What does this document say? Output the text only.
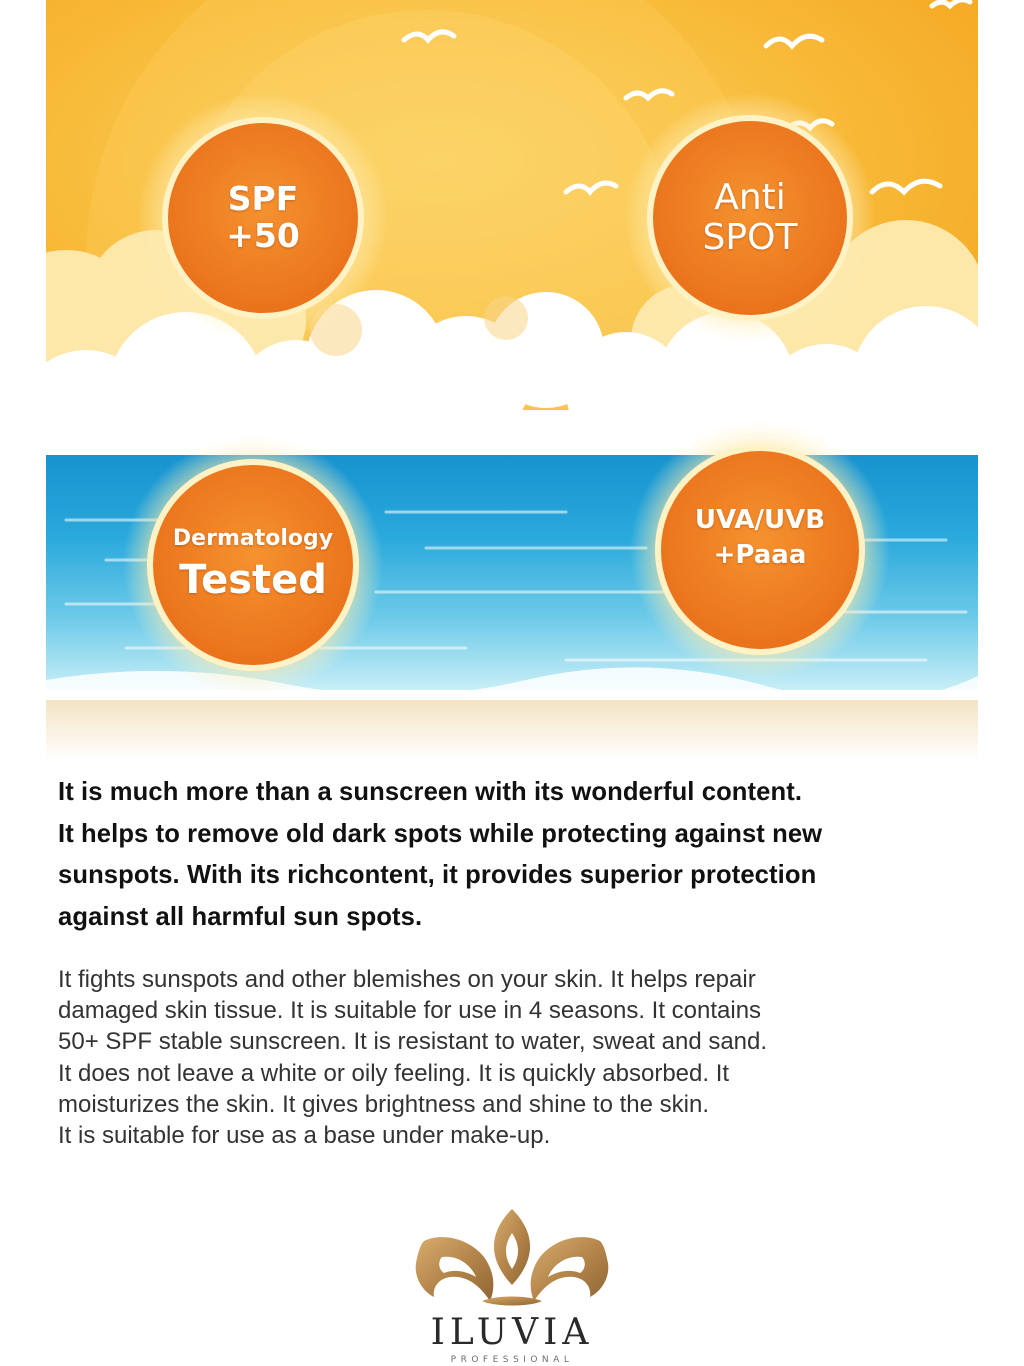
SPF
+50
Anti
SPOT
Dermatology
Tested
UVA/UVB
+Paaa
It is much more than a sunscreen with its wonderful content.
It helps to remove old dark spots while protecting against new
sunspots. With its richcontent, it provides superior protection
against all harmful sun spots.
It fights sunspots and other blemishes on your skin. It helps repair
damaged skin tissue. It is suitable for use in 4 seasons. It contains
50+ SPF stable sunscreen. It is resistant to water, sweat and sand.
It does not leave a white or oily feeling. It is quickly absorbed. It
moisturizes the skin. It gives brightness and shine to the skin.
It is suitable for use as a base under make-up.
ILUVIA
PROFESSIONAL
